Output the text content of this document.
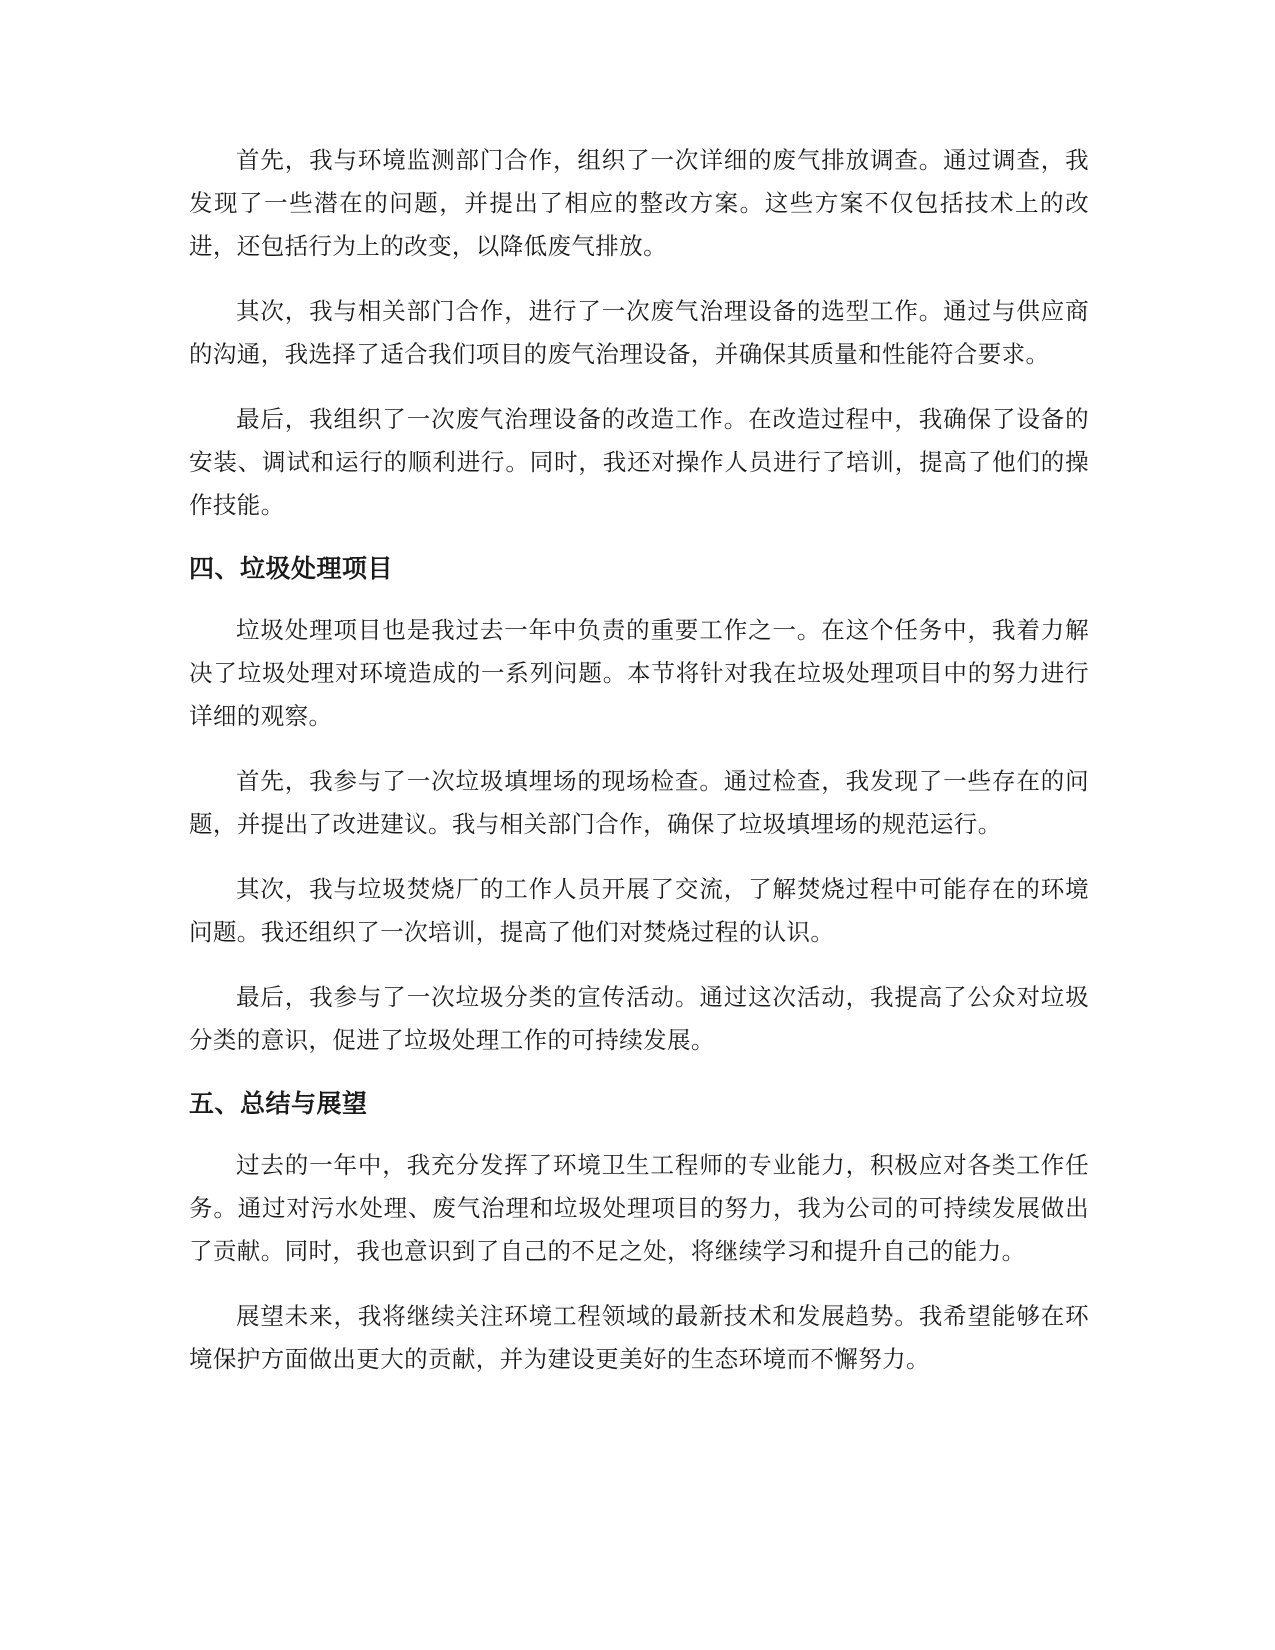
首先，我与环境监测部门合作，组织了一次详细的废气排放调查。通过调查，我发现了一些潜在的问题，并提出了相应的整改方案。这些方案不仅包括技术上的改进，还包括行为上的改变，以降低废气排放。

其次，我与相关部门合作，进行了一次废气治理设备的选型工作。通过与供应商的沟通，我选择了适合我们项目的废气治理设备，并确保其质量和性能符合要求。

最后，我组织了一次废气治理设备的改造工作。在改造过程中，我确保了设备的安装、调试和运行的顺利进行。同时，我还对操作人员进行了培训，提高了他们的操作技能。

四、垃圾处理项目

垃圾处理项目也是我过去一年中负责的重要工作之一。在这个任务中，我着力解决了垃圾处理对环境造成的一系列问题。本节将针对我在垃圾处理项目中的努力进行详细的观察。

首先，我参与了一次垃圾填埋场的现场检查。通过检查，我发现了一些存在的问题，并提出了改进建议。我与相关部门合作，确保了垃圾填埋场的规范运行。

其次，我与垃圾焚烧厂的工作人员开展了交流，了解焚烧过程中可能存在的环境问题。我还组织了一次培训，提高了他们对焚烧过程的认识。

最后，我参与了一次垃圾分类的宣传活动。通过这次活动，我提高了公众对垃圾分类的意识，促进了垃圾处理工作的可持续发展。

五、总结与展望

过去的一年中，我充分发挥了环境卫生工程师的专业能力，积极应对各类工作任务。通过对污水处理、废气治理和垃圾处理项目的努力，我为公司的可持续发展做出了贡献。同时，我也意识到了自己的不足之处，将继续学习和提升自己的能力。

展望未来，我将继续关注环境工程领域的最新技术和发展趋势。我希望能够在环境保护方面做出更大的贡献，并为建设更美好的生态环境而不懈努力。
